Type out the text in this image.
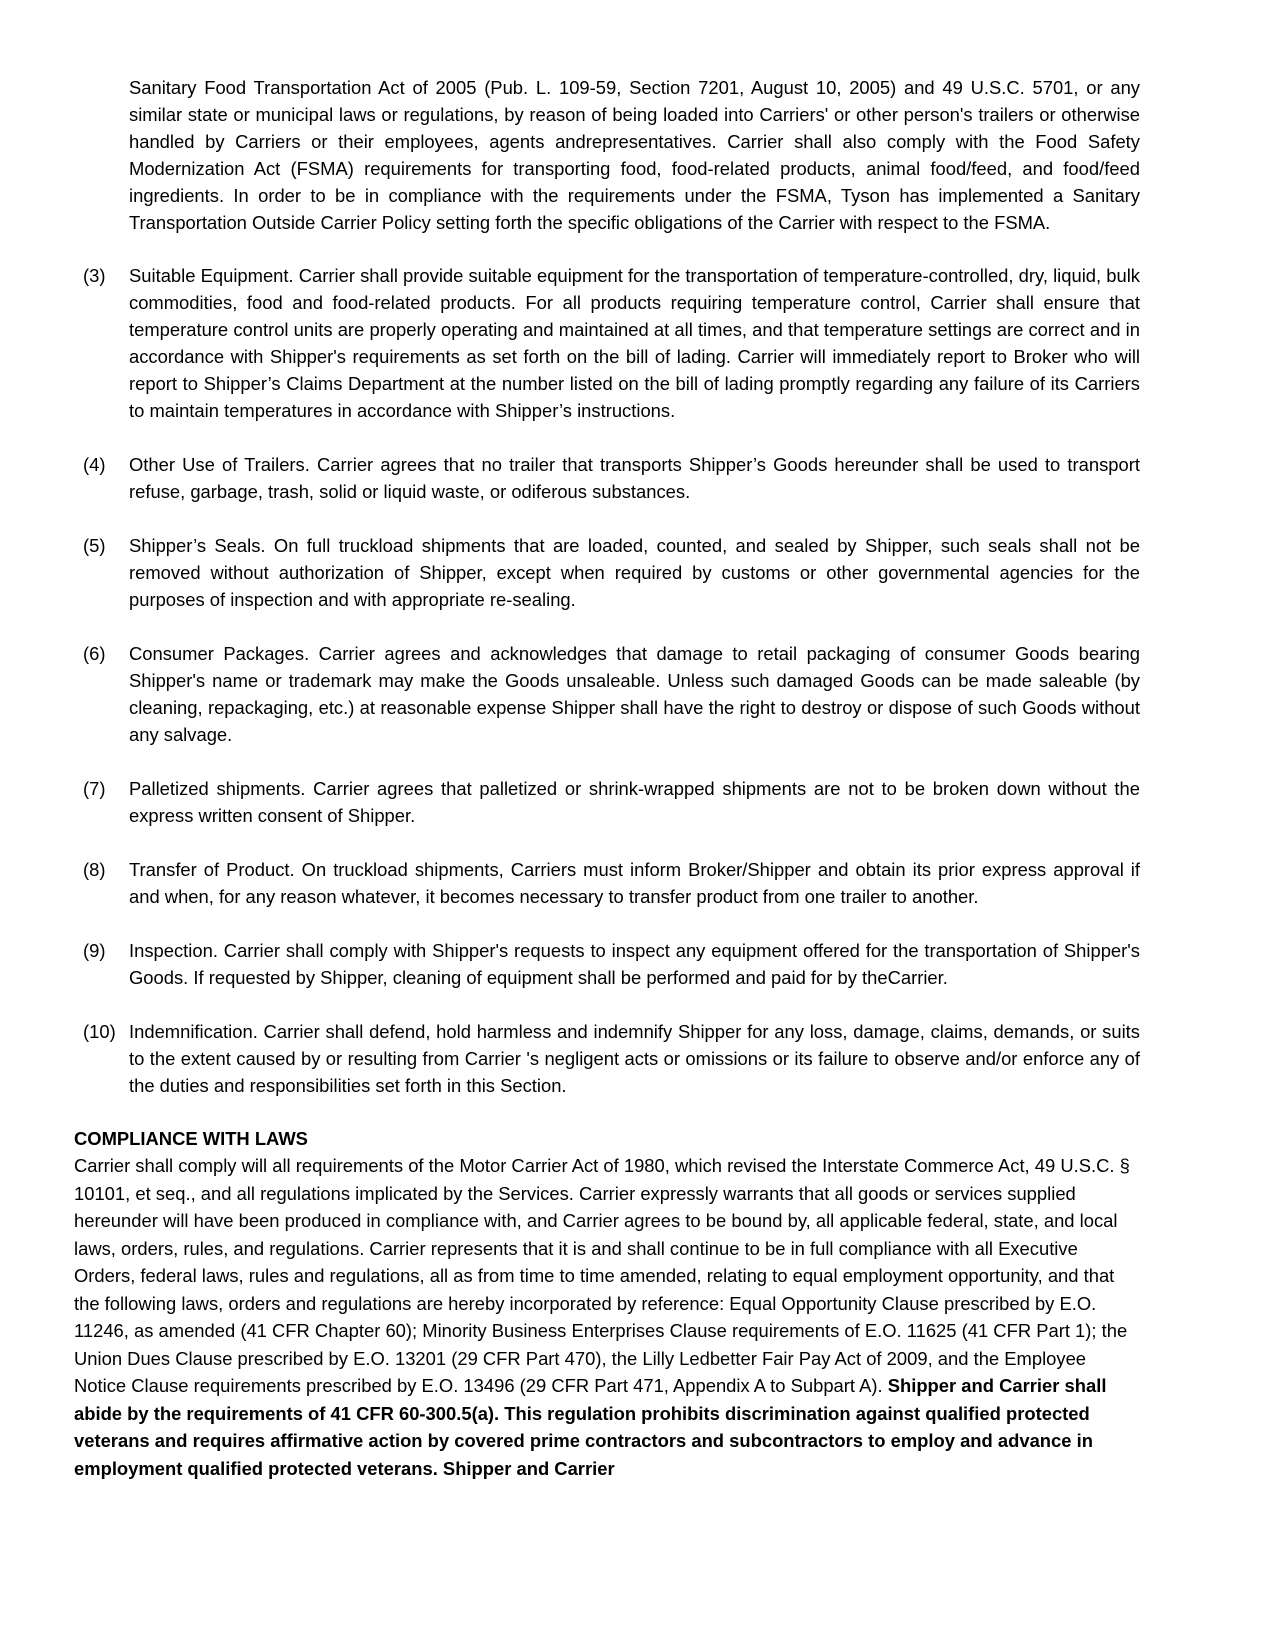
Sanitary Food Transportation Act of 2005 (Pub. L. 109-59, Section 7201, August 10, 2005) and 49 U.S.C. 5701, or any similar state or municipal laws or regulations, by reason of being loaded into Carriers' or other person's trailers or otherwise handled by Carriers or their employees, agents andrepresentatives. Carrier shall also comply with the Food Safety Modernization Act (FSMA) requirements for transporting food, food-related products, animal food/feed, and food/feed ingredients. In order to be in compliance with the requirements under the FSMA, Tyson has implemented a Sanitary Transportation Outside Carrier Policy setting forth the specific obligations of the Carrier with respect to the FSMA.
(3)	Suitable Equipment. Carrier shall provide suitable equipment for the transportation of temperature-controlled, dry, liquid, bulk commodities, food and food-related products. For all products requiring temperature control, Carrier shall ensure that temperature control units are properly operating and maintained at all times, and that temperature settings are correct and in accordance with Shipper's requirements as set forth on the bill of lading. Carrier will immediately report to Broker who will report to Shipper’s Claims Department at the number listed on the bill of lading promptly regarding any failure of its Carriers to maintain temperatures in accordance with Shipper’s instructions.
(4)	Other Use of Trailers. Carrier agrees that no trailer that transports Shipper’s Goods hereunder shall be used to transport refuse, garbage, trash, solid or liquid waste, or odiferous substances.
(5)	Shipper’s Seals. On full truckload shipments that are loaded, counted, and sealed by Shipper, such seals shall not be removed without authorization of Shipper, except when required by customs or other governmental agencies for the purposes of inspection and with appropriate re-sealing.
(6)	Consumer Packages. Carrier agrees and acknowledges that damage to retail packaging of consumer Goods bearing Shipper's name or trademark may make the Goods unsaleable. Unless such damaged Goods can be made saleable (by cleaning, repackaging, etc.) at reasonable expense Shipper shall have the right to destroy or dispose of such Goods without any salvage.
(7)	Palletized shipments. Carrier agrees that palletized or shrink-wrapped shipments are not to be broken down without the express written consent of Shipper.
(8)	Transfer of Product. On truckload shipments, Carriers must inform Broker/Shipper and obtain its prior express approval if and when, for any reason whatever, it becomes necessary to transfer product from one trailer to another.
(9)	Inspection. Carrier shall comply with Shipper's requests to inspect any equipment offered for the transportation of Shipper's Goods. If requested by Shipper, cleaning of equipment shall be performed and paid for by theCarrier.
(10) Indemnification. Carrier shall defend, hold harmless and indemnify Shipper for any loss, damage, claims, demands, or suits to the extent caused by or resulting from Carrier 's negligent acts or omissions or its failure to observe and/or enforce any of the duties and responsibilities set forth in this Section.
COMPLIANCE WITH LAWS
Carrier shall comply will all requirements of the Motor Carrier Act of 1980, which revised the Interstate Commerce Act, 49 U.S.C. § 10101, et seq., and all regulations implicated by the Services. Carrier expressly warrants that all goods or services supplied hereunder will have been produced in compliance with, and Carrier agrees to be bound by, all applicable federal, state, and local laws, orders, rules, and regulations. Carrier represents that it is and shall continue to be in full compliance with all Executive Orders, federal laws, rules and regulations, all as from time to time amended, relating to equal employment opportunity, and that the following laws, orders and regulations are hereby incorporated by reference: Equal Opportunity Clause prescribed by E.O. 11246, as amended (41 CFR Chapter 60); Minority Business Enterprises Clause requirements of E.O. 11625 (41 CFR Part 1); the Union Dues Clause prescribed by E.O. 13201 (29 CFR Part 470), the Lilly Ledbetter Fair Pay Act of 2009, and the Employee Notice Clause requirements prescribed by E.O. 13496 (29 CFR Part 471, Appendix A to Subpart A). Shipper and Carrier shall abide by the requirements of 41 CFR 60-300.5(a). This regulation prohibits discrimination against qualified protected veterans and requires affirmative action by covered prime contractors and subcontractors to employ and advance in employment qualified protected veterans. Shipper and Carrier
